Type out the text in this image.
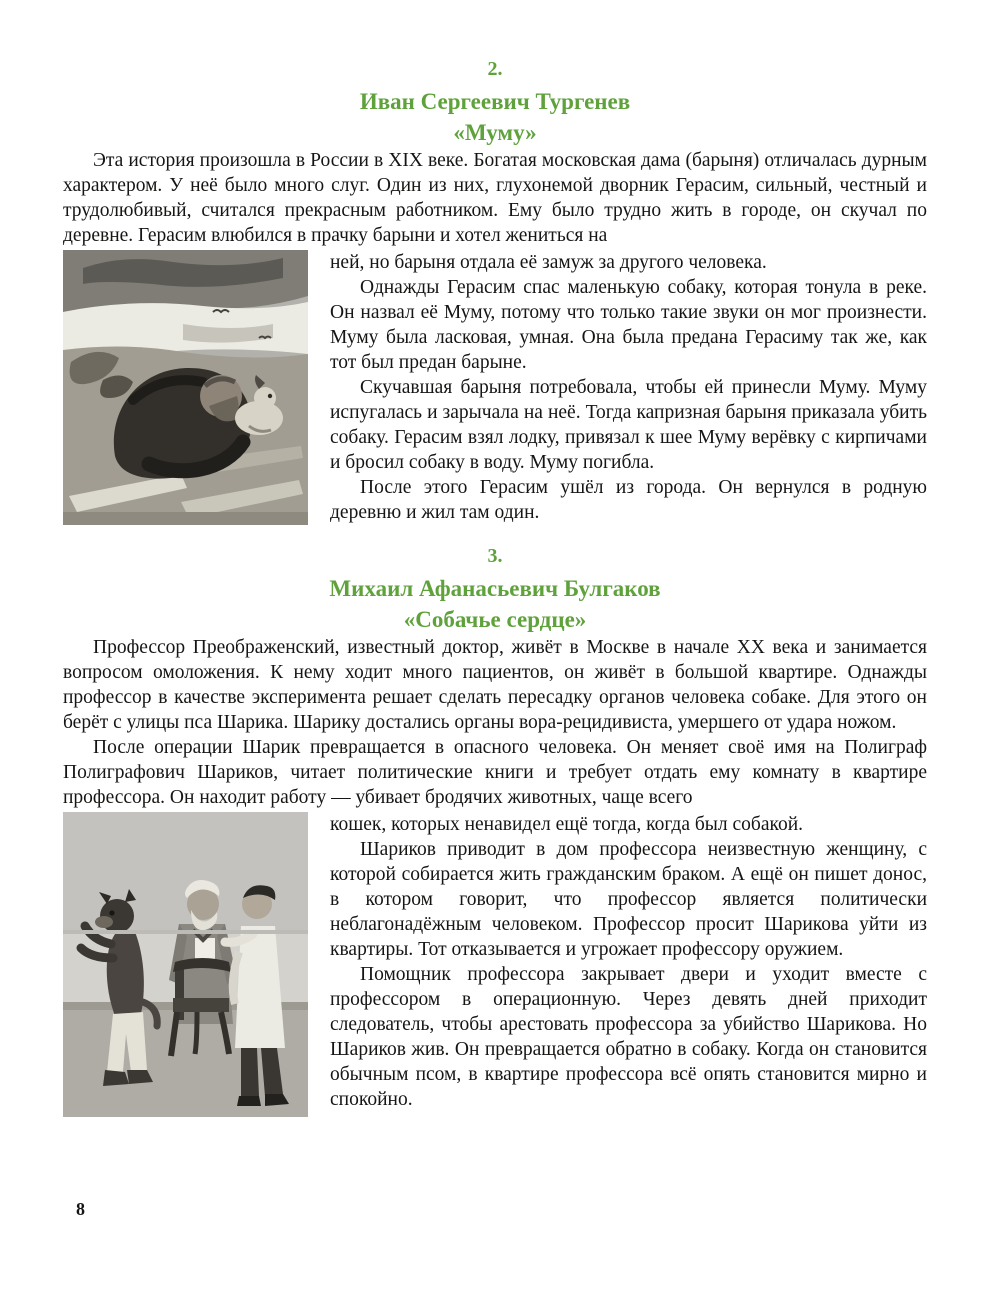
2.
Иван Сергеевич Тургенев
«Муму»

Эта история произошла в России в XIX веке. Богатая московская дама (барыня) отличалась дурным характером. У неё было много слуг. Один из них, глухонемой дворник Герасим, сильный, честный и трудолюбивый, считался прекрасным работником. Ему было трудно жить в городе, он скучал по деревне. Герасим влюбился в прачку барыни и хотел жениться на

ней, но барыня отдала её замуж за другого человека.

Однажды Герасим спас маленькую собаку, которая тонула в реке. Он назвал её Муму, потому что только такие звуки он мог произнести. Муму была ласковая, умная. Она была предана Герасиму так же, как тот был предан барыне.

Скучавшая барыня потребовала, чтобы ей принесли Муму. Муму испугалась и зарычала на неё. Тогда капризная барыня приказала убить собаку. Герасим взял лодку, привязал к шее Муму верёвку с кирпичами и бросил собаку в воду. Муму погибла.

После этого Герасим ушёл из города. Он вернулся в родную деревню и жил там один.

3.
Михаил Афанасьевич Булгаков
«Собачье сердце»

Профессор Преображенский, известный доктор, живёт в Москве в начале XX века и занимается вопросом омоложения. К нему ходит много пациентов, он живёт в большой квартире. Однажды профессор в качестве эксперимента решает сделать пересадку органов человека собаке. Для этого он берёт с улицы пса Шарика. Шарику достались органы вора-рецидивиста, умершего от удара ножом.

После операции Шарик превращается в опасного человека. Он меняет своё имя на Полиграф Полиграфович Шариков, читает политические книги и требует отдать ему комнату в квартире профессора. Он находит работу — убивает бродячих животных, чаще всего

кошек, которых ненавидел ещё тогда, когда был собакой.

Шариков приводит в дом профессора неизвестную женщину, с которой собирается жить гражданским браком. А ещё он пишет донос, в котором говорит, что профессор является политически неблагонадёжным человеком. Профессор просит Шарикова уйти из квартиры. Тот отказывается и угрожает профессору оружием.

Помощник профессора закрывает двери и уходит вместе с профессором в операционную. Через девять дней приходит следователь, чтобы арестовать профессора за убийство Шарикова. Но Шариков жив. Он превращается обратно в собаку. Когда он становится обычным псом, в квартире профессора всё опять становится мирно и спокойно.

8
